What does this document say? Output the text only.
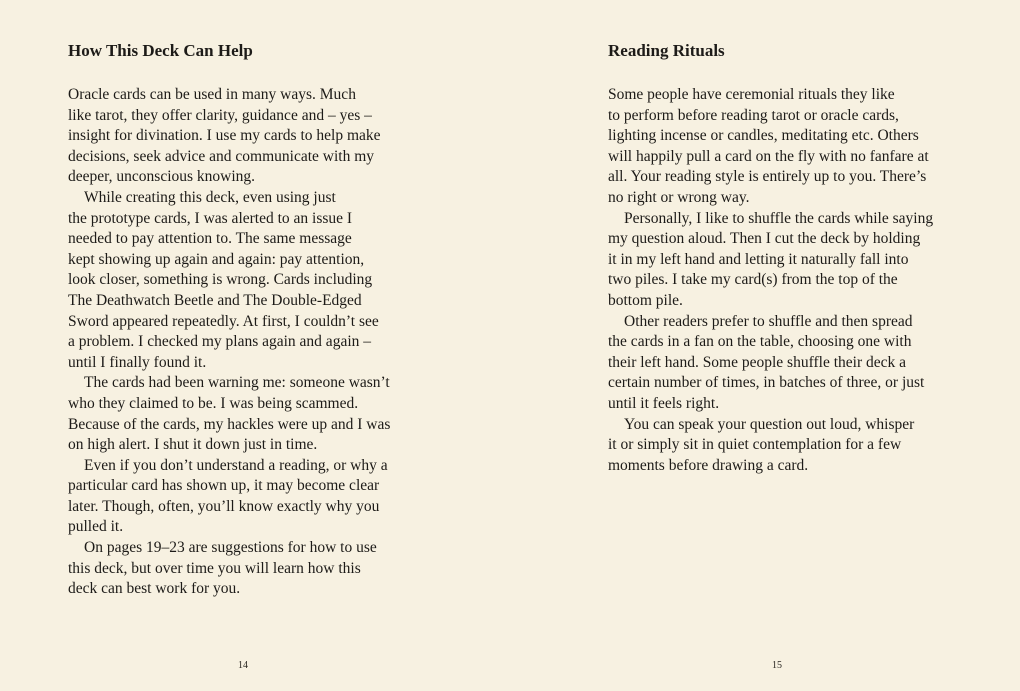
How This Deck Can Help
Oracle cards can be used in many ways. Much
like tarot, they offer clarity, guidance and – yes –
insight for divination. I use my cards to help make
decisions, seek advice and communicate with my
deeper, unconscious knowing.
While creating this deck, even using just
the prototype cards, I was alerted to an issue I
needed to pay attention to. The same message
kept showing up again and again: pay attention,
look closer, something is wrong. Cards including
The Deathwatch Beetle and The Double-Edged
Sword appeared repeatedly. At first, I couldn’t see
a problem. I checked my plans again and again –
until I finally found it.
The cards had been warning me: someone wasn’t
who they claimed to be. I was being scammed.
Because of the cards, my hackles were up and I was
on high alert. I shut it down just in time.
Even if you don’t understand a reading, or why a
particular card has shown up, it may become clear
later. Though, often, you’ll know exactly why you
pulled it.
On pages 19–23 are suggestions for how to use
this deck, but over time you will learn how this
deck can best work for you.
14
Reading Rituals
Some people have ceremonial rituals they like
to perform before reading tarot or oracle cards,
lighting incense or candles, meditating etc. Others
will happily pull a card on the fly with no fanfare at
all. Your reading style is entirely up to you. There’s
no right or wrong way.
Personally, I like to shuffle the cards while saying
my question aloud. Then I cut the deck by holding
it in my left hand and letting it naturally fall into
two piles. I take my card(s) from the top of the
bottom pile.
Other readers prefer to shuffle and then spread
the cards in a fan on the table, choosing one with
their left hand. Some people shuffle their deck a
certain number of times, in batches of three, or just
until it feels right.
You can speak your question out loud, whisper
it or simply sit in quiet contemplation for a few
moments before drawing a card.
15
